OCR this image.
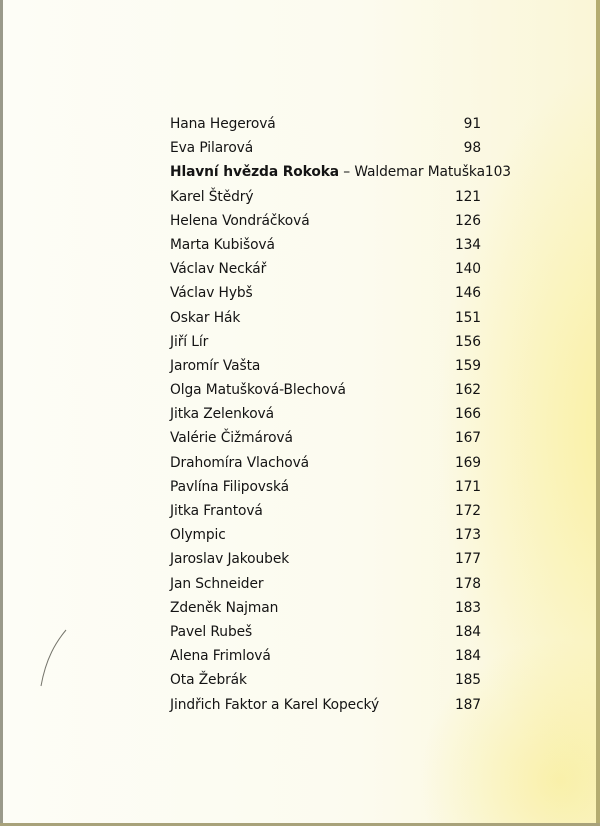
Hana Hegerová	91
Eva Pilarová	98
Hlavní hvězda Rokoka – Waldemar Matuška 103
Karel Štědrý	121
Helena Vondráčková	126
Marta Kubišová	134
Václav Neckář	140
Václav Hybš	146
Oskar Hák	151
Jiří Lír	156
Jaromír Vašta	159
Olga Matušková-Blechová	162
Jitka Zelenková	166
Valérie Čižmárová	167
Drahomíra Vlachová	169
Pavlína Filipovská	171
Jitka Frantová	172
Olympic	173
Jaroslav Jakoubek	177
Jan Schneider	178
Zdeněk Najman	183
Pavel Rubeš	184
Alena Frimlová	184
Ota Žebrák	185
Jindřich Faktor a Karel Kopecký	187
